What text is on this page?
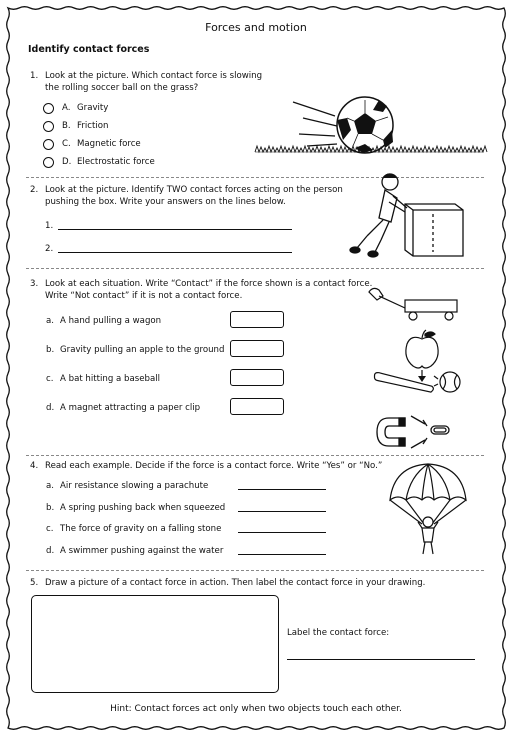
Forces and motion
Identify contact forces
1. Look at the picture. Which contact force is slowing
the rolling soccer ball on the grass?
A. Gravity
B. Friction
C. Magnetic force
D. Electrostatic force
2. Look at the picture. Identify TWO contact forces acting on the person
pushing the box. Write your answers on the lines below.
1.
2.
3. Look at each situation. Write “Contact” if the force shown is a contact force.
Write “Not contact” if it is not a contact force.
a. A hand pulling a wagon
b. Gravity pulling an apple to the ground
c. A bat hitting a baseball
d. A magnet attracting a paper clip
4. Read each example. Decide if the force is a contact force. Write “Yes” or “No.”
a. Air resistance slowing a parachute
b. A spring pushing back when squeezed
c. The force of gravity on a falling stone
d. A swimmer pushing against the water
5. Draw a picture of a contact force in action. Then label the contact force in your drawing.
Label the contact force:
Hint: Contact forces act only when two objects touch each other.
